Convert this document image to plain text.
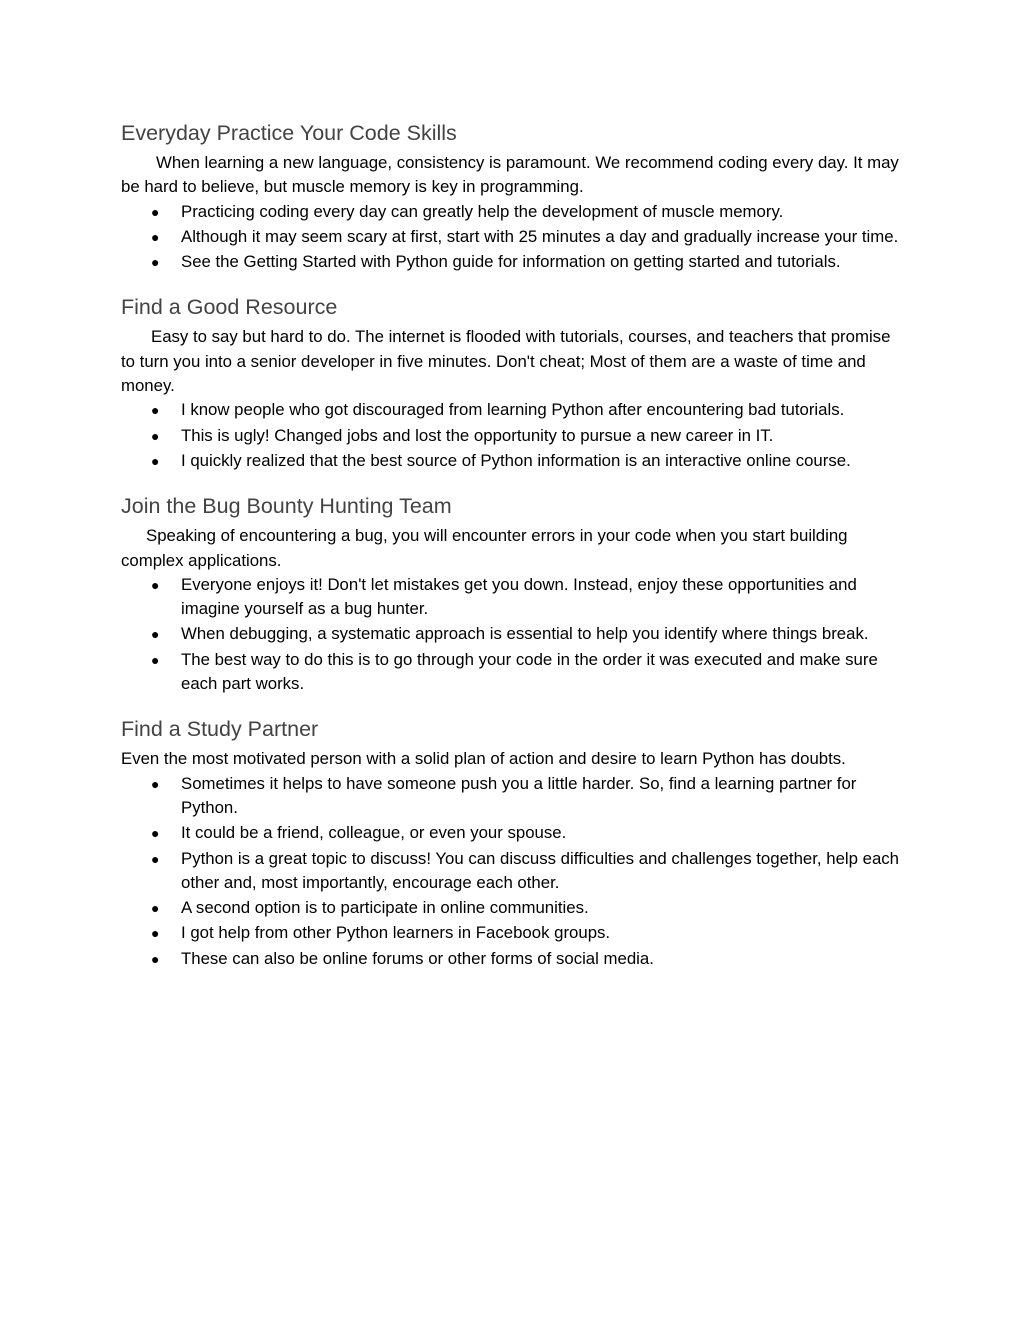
Everyday Practice Your Code Skills

When learning a new language, consistency is paramount. We recommend coding every day. It may be hard to believe, but muscle memory is key in programming.

● Practicing coding every day can greatly help the development of muscle memory.
● Although it may seem scary at first, start with 25 minutes a day and gradually increase your time.
● See the Getting Started with Python guide for information on getting started and tutorials.
Find a Good Resource

Easy to say but hard to do. The internet is flooded with tutorials, courses, and teachers that promise to turn you into a senior developer in five minutes. Don't cheat; Most of them are a waste of time and money.

● I know people who got discouraged from learning Python after encountering bad tutorials.
● This is ugly! Changed jobs and lost the opportunity to pursue a new career in IT.
● I quickly realized that the best source of Python information is an interactive online course.
Join the Bug Bounty Hunting Team

Speaking of encountering a bug, you will encounter errors in your code when you start building complex applications.

● Everyone enjoys it! Don't let mistakes get you down. Instead, enjoy these opportunities and imagine yourself as a bug hunter.
● When debugging, a systematic approach is essential to help you identify where things break.
● The best way to do this is to go through your code in the order it was executed and make sure each part works.
Find a Study Partner

Even the most motivated person with a solid plan of action and desire to learn Python has doubts.

● Sometimes it helps to have someone push you a little harder. So, find a learning partner for Python.
● It could be a friend, colleague, or even your spouse.
● Python is a great topic to discuss! You can discuss difficulties and challenges together, help each other and, most importantly, encourage each other.
● A second option is to participate in online communities.
● I got help from other Python learners in Facebook groups.
● These can also be online forums or other forms of social media.
